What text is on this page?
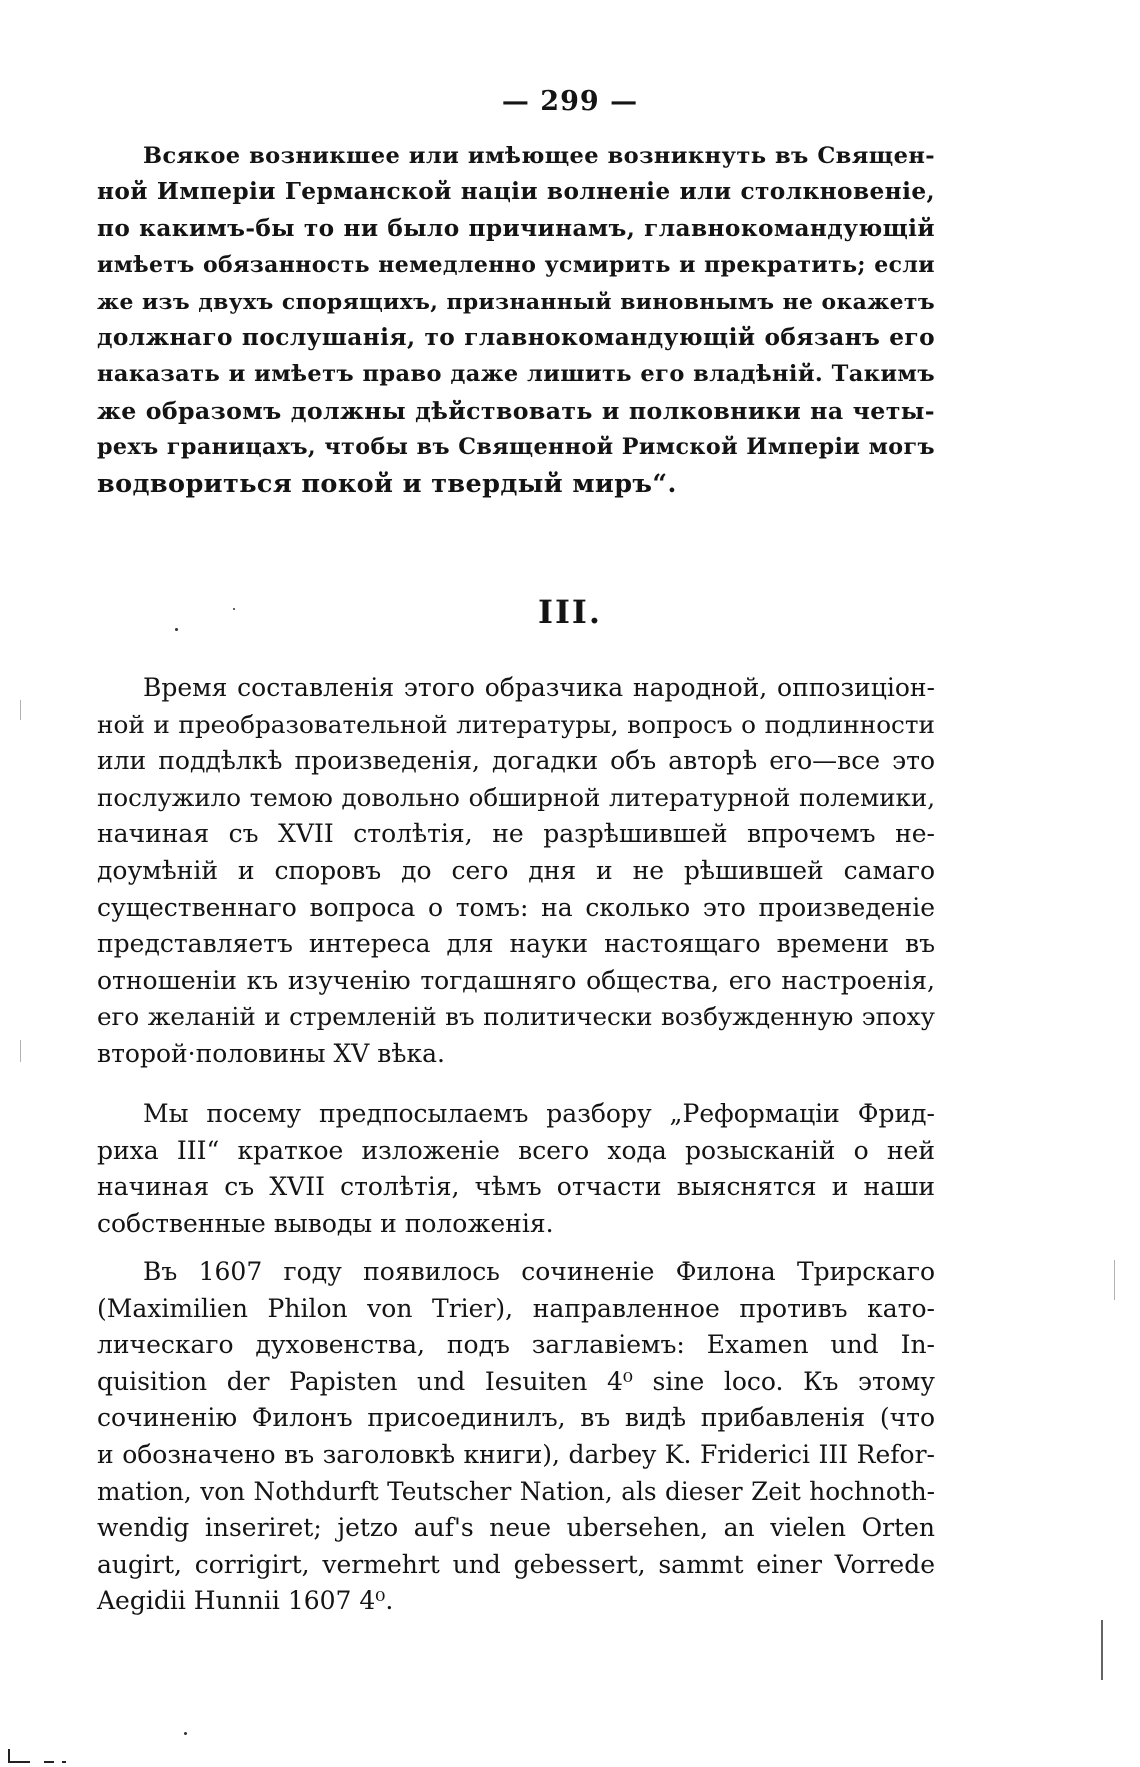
— 299 —
Всякое возникшее или имѣющее возникнуть въ Священ-
ной Имперіи Германской націи волненіе или столкновеніе,
по какимъ-бы то ни было причинамъ, главнокомандующій
имѣетъ обязанность немедленно усмирить и прекратить; если
же изъ двухъ спорящихъ, признанный виновнымъ не окажетъ
должнаго послушанія, то главнокомандующій обязанъ его
наказать и имѣетъ право даже лишить его владѣній. Такимъ
же образомъ должны дѣйствовать и полковники на четы-
рехъ границахъ, чтобы въ Священной Римской Имперіи могъ
водвориться покой и твердый миръ“.
III.
Время составленія этого образчика народной, оппозиціон-
ной и преобразовательной литературы, вопросъ о подлинности
или поддѣлкѣ произведенія, догадки объ авторѣ его—все это
послужило темою довольно обширной литературной полемики,
начиная съ XVII столѣтія, не разрѣшившей впрочемъ не-
доумѣній и споровъ до сего дня и не рѣшившей самаго
существеннаго вопроса о томъ: на сколько это произведеніе
представляетъ интереса для науки настоящаго времени въ
отношеніи къ изученію тогдашняго общества, его настроенія,
его желаній и стремленій въ политически возбужденную эпоху
второй·половины XV вѣка.
Мы посему предпосылаемъ разбору „Реформаціи Фрид-
риха III“ краткое изложеніе всего хода розысканій о ней
начиная съ XVII столѣтія, чѣмъ отчасти выяснятся и наши
собственные выводы и положенія.
Въ 1607 году появилось сочиненіе Филона Трирскаго
(Maximilien Philon von Trier), направленное противъ като-
лическаго духовенства, подъ заглавіемъ: Examen und In-
quisition der Papisten und Iesuiten 4⁰ sine loco. Къ этому
сочиненію Филонъ присоединилъ, въ видѣ прибавленія (что
и обозначено въ заголовкѣ книги), darbey K. Friderici III Refor-
mation, von Nothdurft Teutscher Nation, als dieser Zeit hochnoth-
wendig inseriret; jetzo auf's neue ubersehen, an vielen Orten
augirt, corrigirt, vermehrt und gebessert, sammt einer Vorrede
Aegidii Hunnii 1607 4⁰.
